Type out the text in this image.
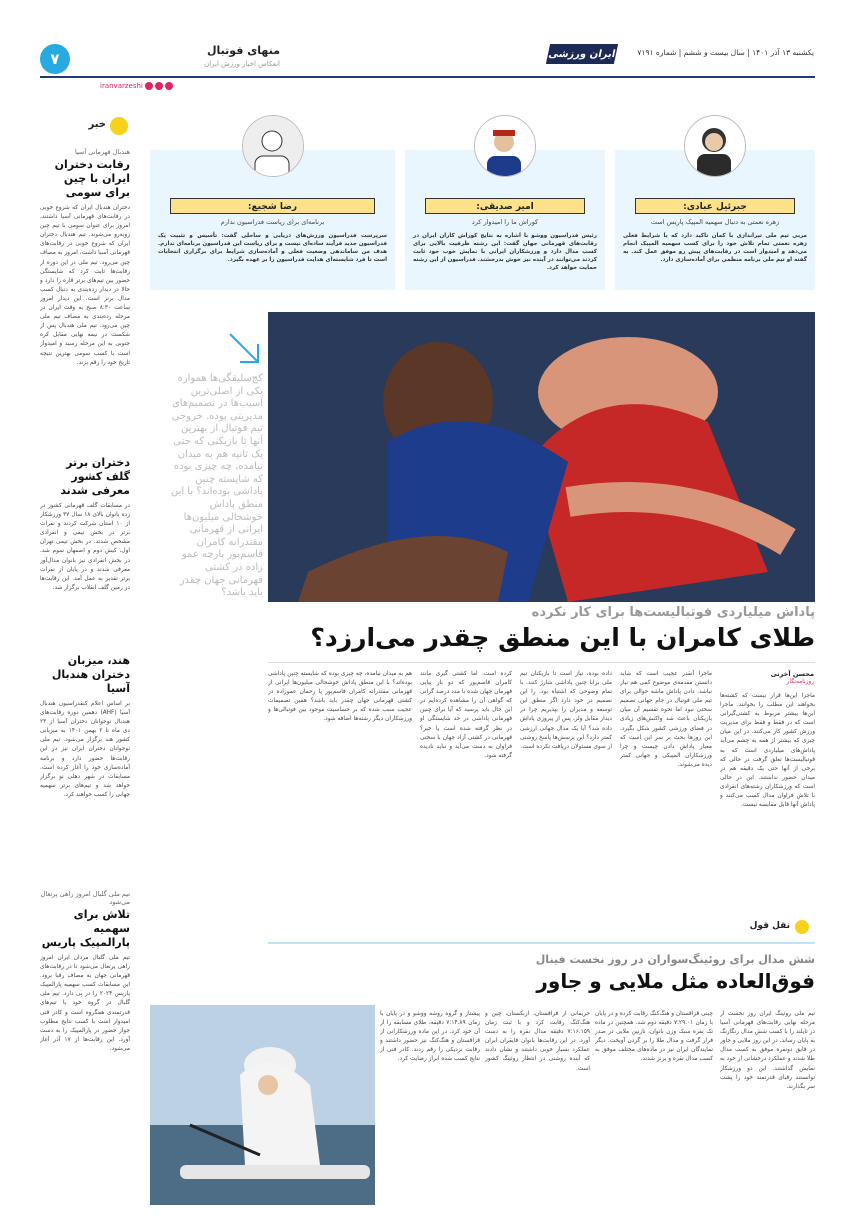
۷	منهای فوتبال
انعکاس اخبار ورزش ایران
iranvarzeshi
ایران ورزشی	یکشنبه ۱۳ آذر ۱۴۰۱ | سال بیست و ششم | شماره ۷۱۹۱
خبر
هندبال قهرمانی آسیا
رقابت دختران ایران با چین برای سومی
دختران هندبال ایران که شروع خوبی در رقابت‌های قهرمانی آسیا داشتند، امروز برای عنوان سومی با تیم چین روبه‌رو می‌شوند. تیم هندبال دختران ایران که شروع خوبی در رقابت‌های قهرمانی آسیا داشت، امروز به مصاف چین می‌رود. تیم ملی در این دوره از رقابت‌ها ثابت کرد که شایستگی حضور بین تیم‌های برتر قاره را دارد و حالا در دیدار رده‌بندی به دنبال کسب مدال برنز است. این دیدار امروز ساعت ۸:۳۰ صبح به وقت ایران در مرحله رده‌بندی به مصاف تیم ملی چین می‌رود. تیم ملی هندبال پس از شکست در نیمه نهایی مقابل کره جنوبی به این مرحله رسید و امیدوار است با کسب سومی بهترین نتیجه تاریخ خود را رقم بزند.
دختران برتر گلف کشور معرفی شدند
در مسابقات گلف قهرمانی کشور در رده بانوان بالای ۱۸ سال ۳۷ ورزشکار از ۱۰ استان شرکت کردند و نفرات برتر در بخش تیمی و انفرادی مشخص شدند. در بخش تیمی تهران اول، کیش دوم و اصفهان سوم شد. در بخش انفرادی نیز بانوان مدال‌آور معرفی شدند و در پایان از نفرات برتر تقدیر به عمل آمد. این رقابت‌ها در زمین گلف انقلاب برگزار شد.
هند، میزبان دختران هندبال آسیا
بر اساس اعلام کنفدراسیون هندبال آسیا (AHF) دهمین دوره رقابت‌های هندبال نوجوانان دختران آسیا از ۲۳ دی ماه تا ۲ بهمن ۱۴۰۱ به میزبانی کشور هند برگزار می‌شود. تیم ملی نوجوانان دختران ایران نیز در این رقابت‌ها حضور دارد و برنامه آماده‌سازی خود را آغاز کرده است. مسابقات در شهر دهلی نو برگزار خواهد شد و تیم‌های برتر سهمیه جهانی را کسب خواهند کرد.
تیم ملی گلبال امروز راهی پرتغال می‌شود
تلاش برای سهمیه پارالمپیک پاریس
تیم ملی گلبال مردان ایران امروز راهی پرتغال می‌شود تا در رقابت‌های قهرمانی جهان به مصاف رقبا برود. این مسابقات کسب سهمیه پارالمپیک پاریس ۲۰۲۴ را در پی دارد. تیم ملی گلبال در گروه خود با تیم‌های قدرتمندی همگروه است و کادر فنی امیدوار است با کسب نتایج مطلوب جواز حضور در پارالمپیک را به دست آورد. این رقابت‌ها از ۱۷ آذر آغاز می‌شود.
جبرئیل عبادی:
زهره نعمتی به دنبال سهمیه المپیک پاریس است
مربی تیم ملی تیراندازی با کمان تاکید دارد که با شرایط فعلی زهره نعمتی تمام تلاش خود را برای کسب سهمیه المپیک انجام می‌دهد و امیدوار است در رقابت‌های پیش رو موفق عمل کند. به گفته او تیم ملی برنامه منظمی برای آماده‌سازی دارد.
امیر صدیقی:
کوراش ما را امیدوار کرد
رئیس فدراسیون ووشو با اشاره به نتایج کوراش کاران ایران در رقابت‌های قهرمانی جهان گفت: این رشته ظرفیت بالایی برای کسب مدال دارد و ورزشکاران ایرانی با نمایش خوب خود ثابت کردند می‌توانند در آینده نیز خوش بدرخشند. فدراسیون از این رشته حمایت خواهد کرد.
رضا شجیع:
برنامه‌ای برای ریاست فدراسیون ندارم
سرپرست فدراسیون ورزش‌های دریایی و ساحلی گفت: تأسیس و تثبیت یک فدراسیون جدید فرآیند ساده‌ای نیست و برای ریاست این فدراسیون برنامه‌ای ندارم. هدف من ساماندهی وضعیت فعلی و آماده‌سازی شرایط برای برگزاری انتخابات است تا فرد شایسته‌ای هدایت فدراسیون را بر عهده بگیرد.
کج‌سلیقگی‌ها همواره یکی از اصلی‌ترین آسیب‌ها در تصمیم‌های مدیریتی بوده. خروجی تیم فوتبال از بهترین آنها تا بازیکنی که حتی یک ثانیه هم به میدان نیامده، چه چیزی بوده که شایسته چنین پاداشی بوده‌اند؟ با این منطق پاداش خوشحالی میلیون‌ها ایرانی از قهرمانی مقتدرانه کامران قاسم‌پور پارچه عمو زاده در کشتی قهرمانی جهان چقدر باید باشد؟
پاداش میلیاردی فوتبالیست‌ها برای کار نکرده
طلای کامران با این منطق چقدر می‌ارزد؟
ماجرا این‌ها قرار نیست که کشته‌ها بخواهند این مطلب را بخوانند. ماجرا این‌ها بیشتر مربوط به کشتی‌گیرانی است که در فقط و فقط برای مدیریت ورزش کشور کار می‌کنند. در این میان چیزی که بیشتر از همه به چشم می‌آید پاداش‌های میلیاردی است که به فوتبالیست‌ها تعلق گرفت در حالی که برخی از آنها حتی یک دقیقه هم در میدان حضور نداشتند. این در حالی است که ورزشکاران رشته‌های انفرادی با تلاش فراوان مدال کسب می‌کنند و پاداش آنها قابل مقایسه نیست.
ماجرا آنقدر عجیب است که شاید دانستن مقدمه‌ی موضوع کمی هم نیاز نباشد. دادن پاداش ماشه حوالی برای تیم ملی فوتبال در جام جهانی تصمیم سختی نبود اما نحوه تقسیم آن میان بازیکنان باعث شد واکنش‌های زیادی در فضای ورزشی کشور شکل بگیرد. این روزها بحث بر سر این است که معیار پاداش دادن چیست و چرا ورزشکاران المپیکی و جهانی کمتر دیده می‌شوند.
داده بوده، نیاز است تا بازیکنان تیم ملی برابا چنین پاداشی شارژ کنند. با تمام وضوحی که اشتباه بود، را این تصمیم در خود دارد اگر منطق این توسعه و مدیران را بپذیریم چرا در دیدار مقابل ولز، پس از پیروزی پاداش داده شد؟ آیا یک مدال جهانی ارزشی کمتر دارد؟ این پرسش‌ها پاسخ روشنی از سوی مسئولان دریافت نکرده است.
کرده است. اما کشتی گیری مانند کامران قاسم‌پور که دو بار پیاپی قهرمان جهان شده با مدد درصد گرانی که گواهی آن را مشاهده کرده‌ایم در این حال باید پرسید که آیا برای چنین قهرمانی پاداشی در حد شایستگی او در نظر گرفته شده است یا خیر؟ قهرمانی در کشتی آزاد جهان با سختی فراوان به دست می‌آید و نباید نادیده گرفته شود.
هم به میدان نیامده، چه چیزی بوده که شایسته چنین پاداشی بوده‌اند؟ با این منطق پاداش خوشحالی میلیون‌ها ایرانی از قهرمانی مقتدرانه کامران قاسم‌پور یا رحمان عموزاده در کشتی قهرمانی جهان چقدر باید باشد؟ همین تصمیمات عجیب سبب شده که بر حساسیت موجود بین فوتبالی‌ها و ورزشکاران دیگر رشته‌ها اضافه شود.
محسن آخرتی
روزنامه‌نگار
نقل قول
شش مدال برای روئینگ‌سواران در روز نخست فینال
فوق‌العاده مثل ملایی و جاور
تیم ملی روئینگ ایران روز نخست از مرحله نهایی رقابت‌های قهرمانی آسیا در تایلند را با کسب شش مدال رنگارنگ به پایان رساند. در این روز ملایی و جاور در قایق دونفره موفق به کسب مدال طلا شدند و عملکرد درخشانی از خود به نمایش گذاشتند. این دو ورزشکار توانستند رقبای قدرتمند خود را پشت سر بگذارند.
چینی قزاقستان و هنگ‌کنگ رقابت کرده و در پایان با زمان ۷:۲۹.۰۱ دقیقه دوم شد. همچنین در ماده تک نفره سبک وزن بانوان، نازنین ملایی در صدر قرار گرفت و مدال طلا را بر گردن آویخت. دیگر نمایندگان ایران نیز در ماده‌های مختلف موفق به کسب مدال نقره و برنز شدند.
حریفانی از قزاقستان، ازبکستان، چین و هنگ‌کنگ رقابت کرد و با ثبت زمان ۷:۱۶.۱۵۹ دقیقه مدال نقره را به دست آورد. در این رقابت‌ها بانوان قایقران ایران عملکرد بسیار خوبی داشتند و نشان دادند که آینده روشنی در انتظار روئینگ کشور است.
پیشتاز و گروه روشه ووشو و در پایان با زمان ۷:۱۴.۸۹ دقیقه، طلای مسابقه را از آن خود کرد. در این ماده ورزشکارانی از قزاقستان و هنگ‌کنگ نیز حضور داشتند و رقابت نزدیکی را رقم زدند. کادر فنی از نتایج کسب شده ابراز رضایت کرد.
